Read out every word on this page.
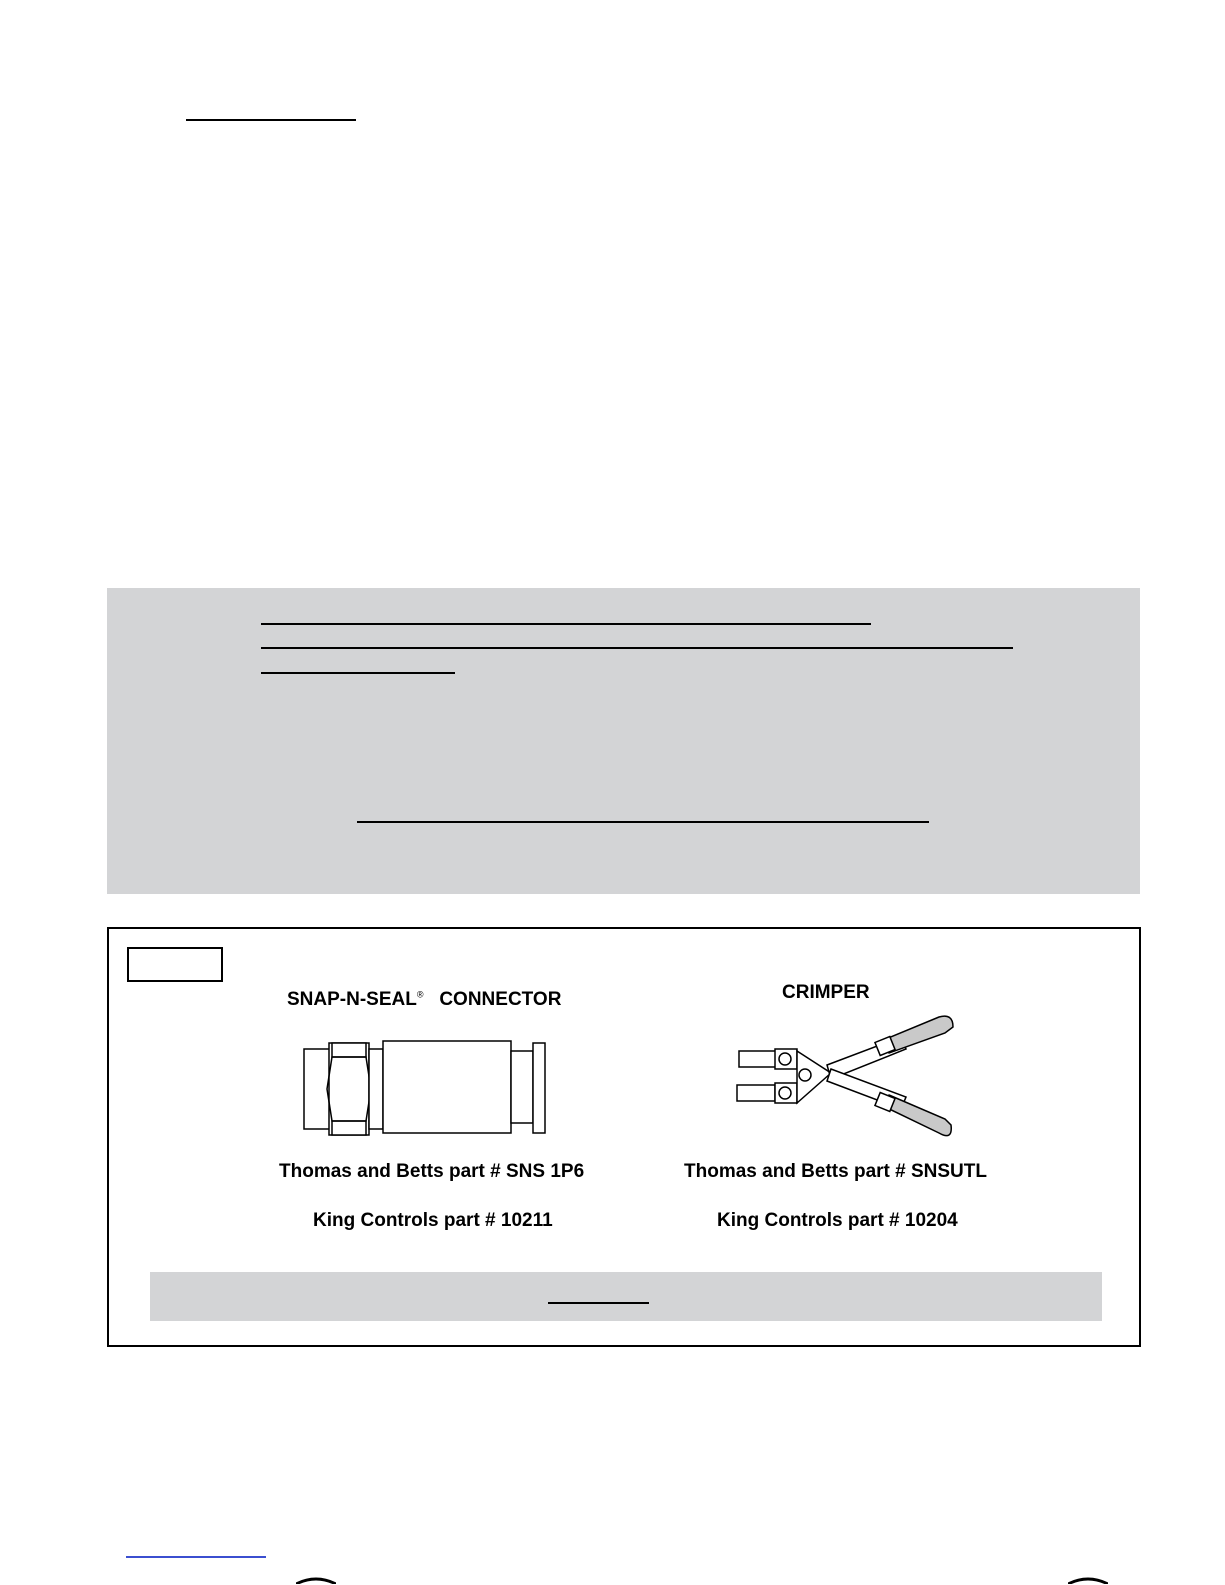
SNAP-N-SEAL® CONNECTOR
Thomas and Betts part # SNS 1P6
King Controls part # 10211
CRIMPER
Thomas and Betts part # SNSUTL
King Controls part # 10204
